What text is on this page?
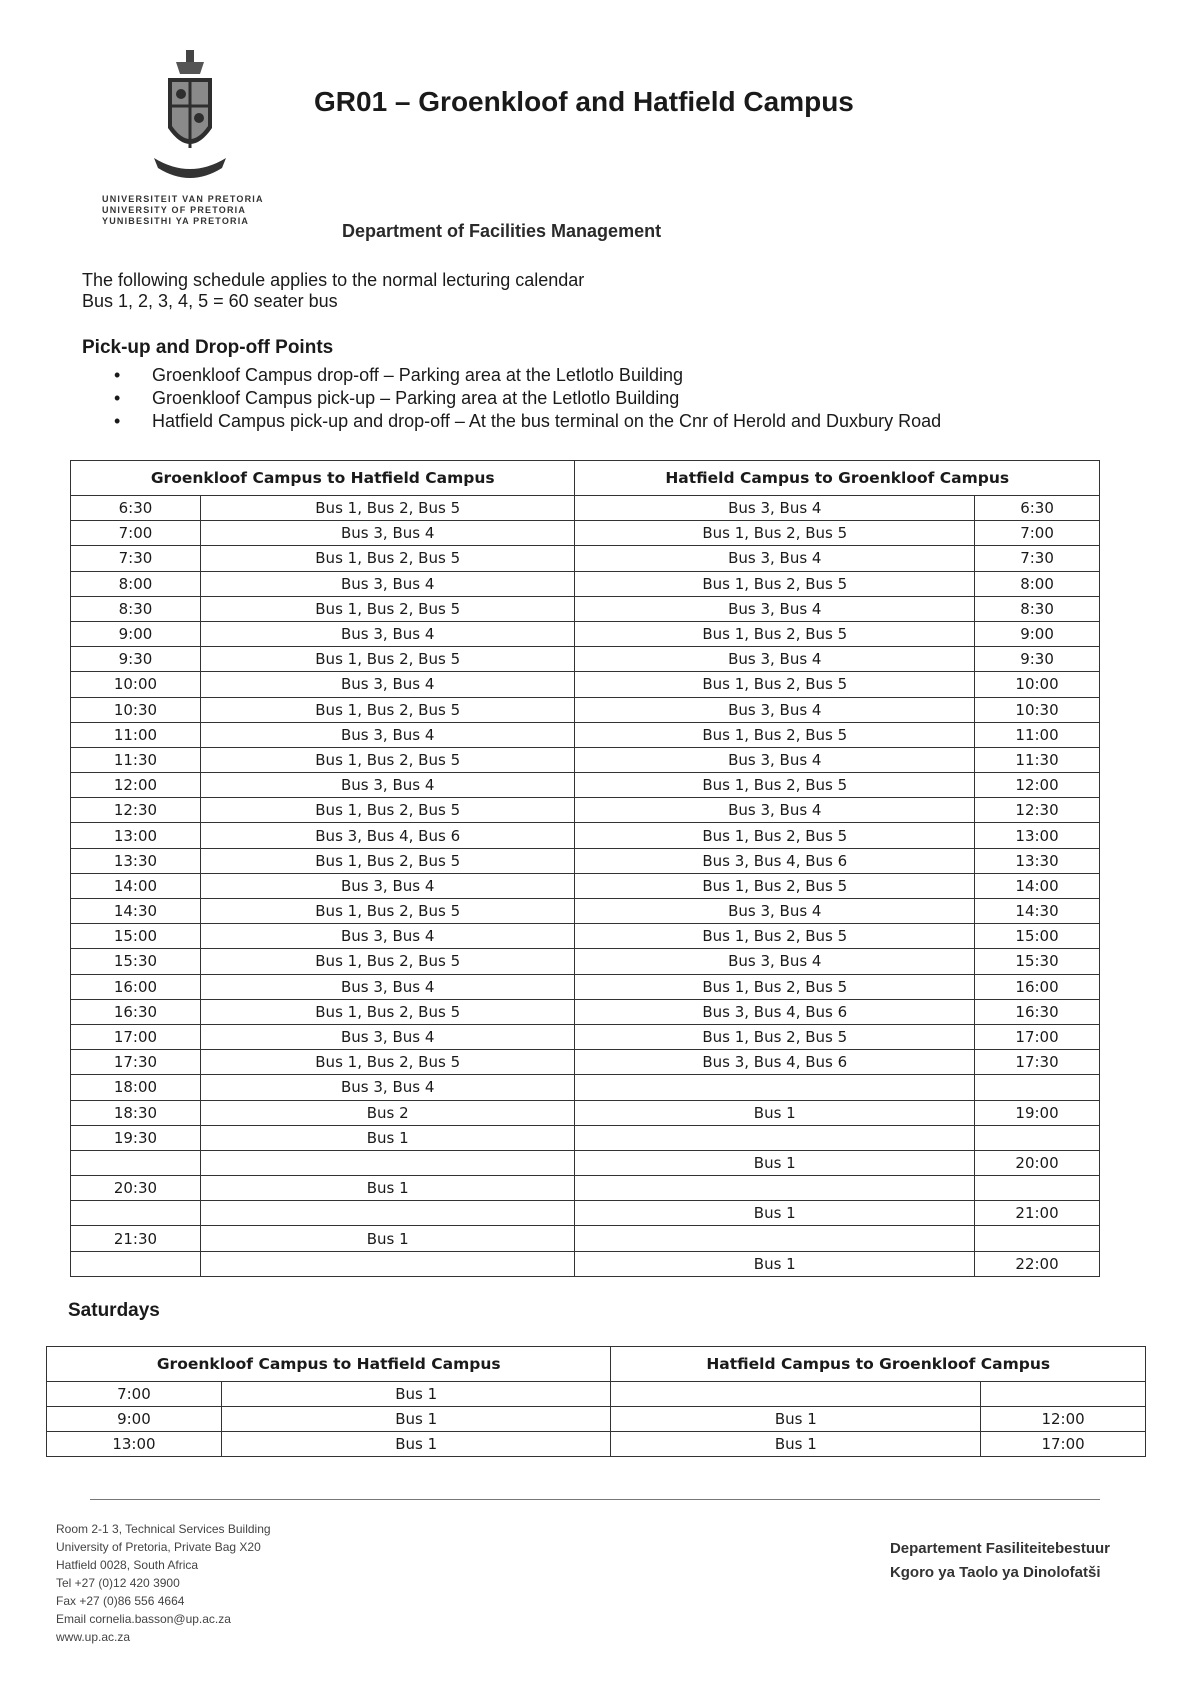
UNIVERSITEIT VAN PRETORIA
UNIVERSITY OF PRETORIA
YUNIBESITHI YA PRETORIA
GR01 – Groenkloof and Hatfield Campus
Department of Facilities Management
The following schedule applies to the normal lecturing calendar
Bus 1, 2, 3, 4, 5 = 60 seater bus
Pick-up and Drop-off Points
• Groenkloof Campus drop-off – Parking area at the Letlotlo Building
• Groenkloof Campus pick-up – Parking area at the Letlotlo Building
• Hatfield Campus pick-up and drop-off – At the bus terminal on the Cnr of Herold and Duxbury Road
Groenkloof Campus to Hatfield Campus		Hatfield Campus to Groenkloof Campus	
6:30	Bus 1, Bus 2, Bus 5	Bus 3, Bus 4	6:30
7:00	Bus 3, Bus 4	Bus 1, Bus 2, Bus 5	7:00
7:30	Bus 1, Bus 2, Bus 5	Bus 3, Bus 4	7:30
8:00	Bus 3, Bus 4	Bus 1, Bus 2, Bus 5	8:00
8:30	Bus 1, Bus 2, Bus 5	Bus 3, Bus 4	8:30
9:00	Bus 3, Bus 4	Bus 1, Bus 2, Bus 5	9:00
9:30	Bus 1, Bus 2, Bus 5	Bus 3, Bus 4	9:30
10:00	Bus 3, Bus 4	Bus 1, Bus 2, Bus 5	10:00
10:30	Bus 1, Bus 2, Bus 5	Bus 3, Bus 4	10:30
11:00	Bus 3, Bus 4	Bus 1, Bus 2, Bus 5	11:00
11:30	Bus 1, Bus 2, Bus 5	Bus 3, Bus 4	11:30
12:00	Bus 3, Bus 4	Bus 1, Bus 2, Bus 5	12:00
12:30	Bus 1, Bus 2, Bus 5	Bus 3, Bus 4	12:30
13:00	Bus 3, Bus 4, Bus 6	Bus 1, Bus 2, Bus 5	13:00
13:30	Bus 1, Bus 2, Bus 5	Bus 3, Bus 4, Bus 6	13:30
14:00	Bus 3, Bus 4	Bus 1, Bus 2, Bus 5	14:00
14:30	Bus 1, Bus 2, Bus 5	Bus 3, Bus 4	14:30
15:00	Bus 3, Bus 4	Bus 1, Bus 2, Bus 5	15:00
15:30	Bus 1, Bus 2, Bus 5	Bus 3, Bus 4	15:30
16:00	Bus 3, Bus 4	Bus 1, Bus 2, Bus 5	16:00
16:30	Bus 1, Bus 2, Bus 5	Bus 3, Bus 4, Bus 6	16:30
17:00	Bus 3, Bus 4	Bus 1, Bus 2, Bus 5	17:00
17:30	Bus 1, Bus 2, Bus 5	Bus 3, Bus 4, Bus 6	17:30
18:00	Bus 3, Bus 4		
18:30	Bus 2	Bus 1	19:00
19:30	Bus 1		
		Bus 1	20:00
20:30	Bus 1		
		Bus 1	21:00
21:30	Bus 1		
		Bus 1	22:00
Saturdays
Groenkloof Campus to Hatfield Campus		Hatfield Campus to Groenkloof Campus	
7:00	Bus 1		
9:00	Bus 1	Bus 1	12:00
13:00	Bus 1	Bus 1	17:00
Room 2-1 3, Technical Services Building
University of Pretoria, Private Bag X20
Hatfield 0028, South Africa
Tel +27 (0)12 420 3900
Fax +27 (0)86 556 4664
Email cornelia.basson@up.ac.za
www.up.ac.za
Departement Fasiliteitebestuur
Kgoro ya Taolo ya Dinolofatši
